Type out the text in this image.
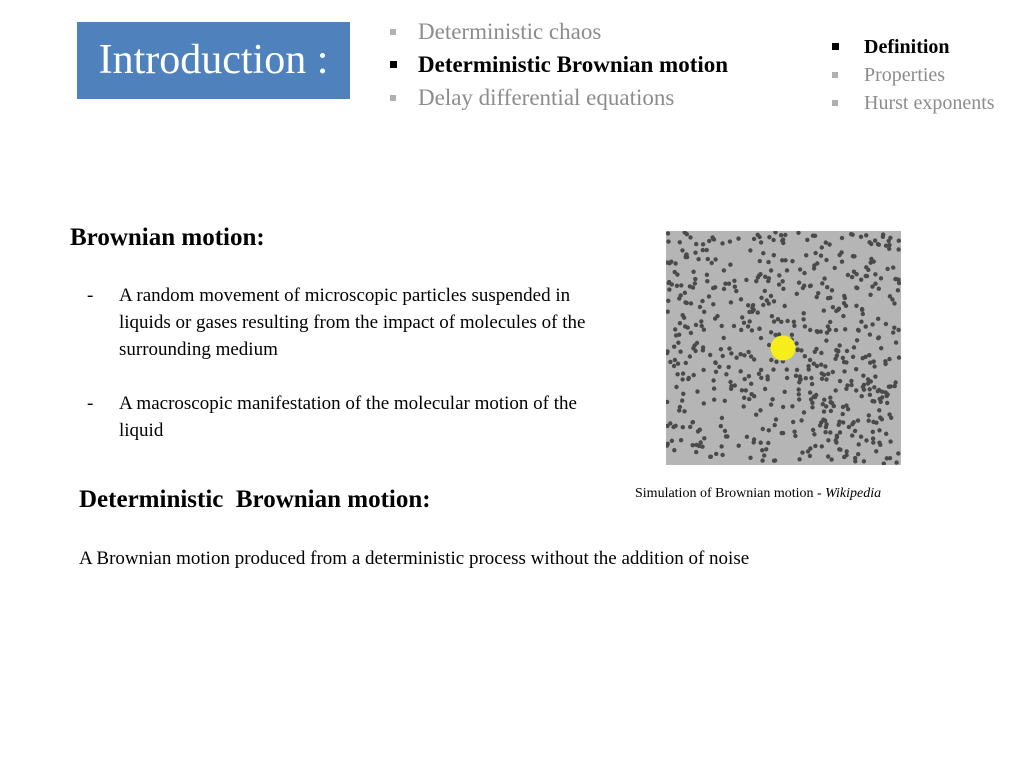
Introduction :
Deterministic chaos
Deterministic Brownian motion
Delay differential equations
Definition
Properties
Hurst exponents
Brownian motion:
- A random movement of microscopic particles suspended in liquids or gases resulting from the impact of molecules of the surrounding medium
- A macroscopic manifestation of the molecular motion of the liquid
Simulation of Brownian motion - Wikipedia
Deterministic  Brownian motion:

A Brownian motion produced from a deterministic process without the addition of noise
